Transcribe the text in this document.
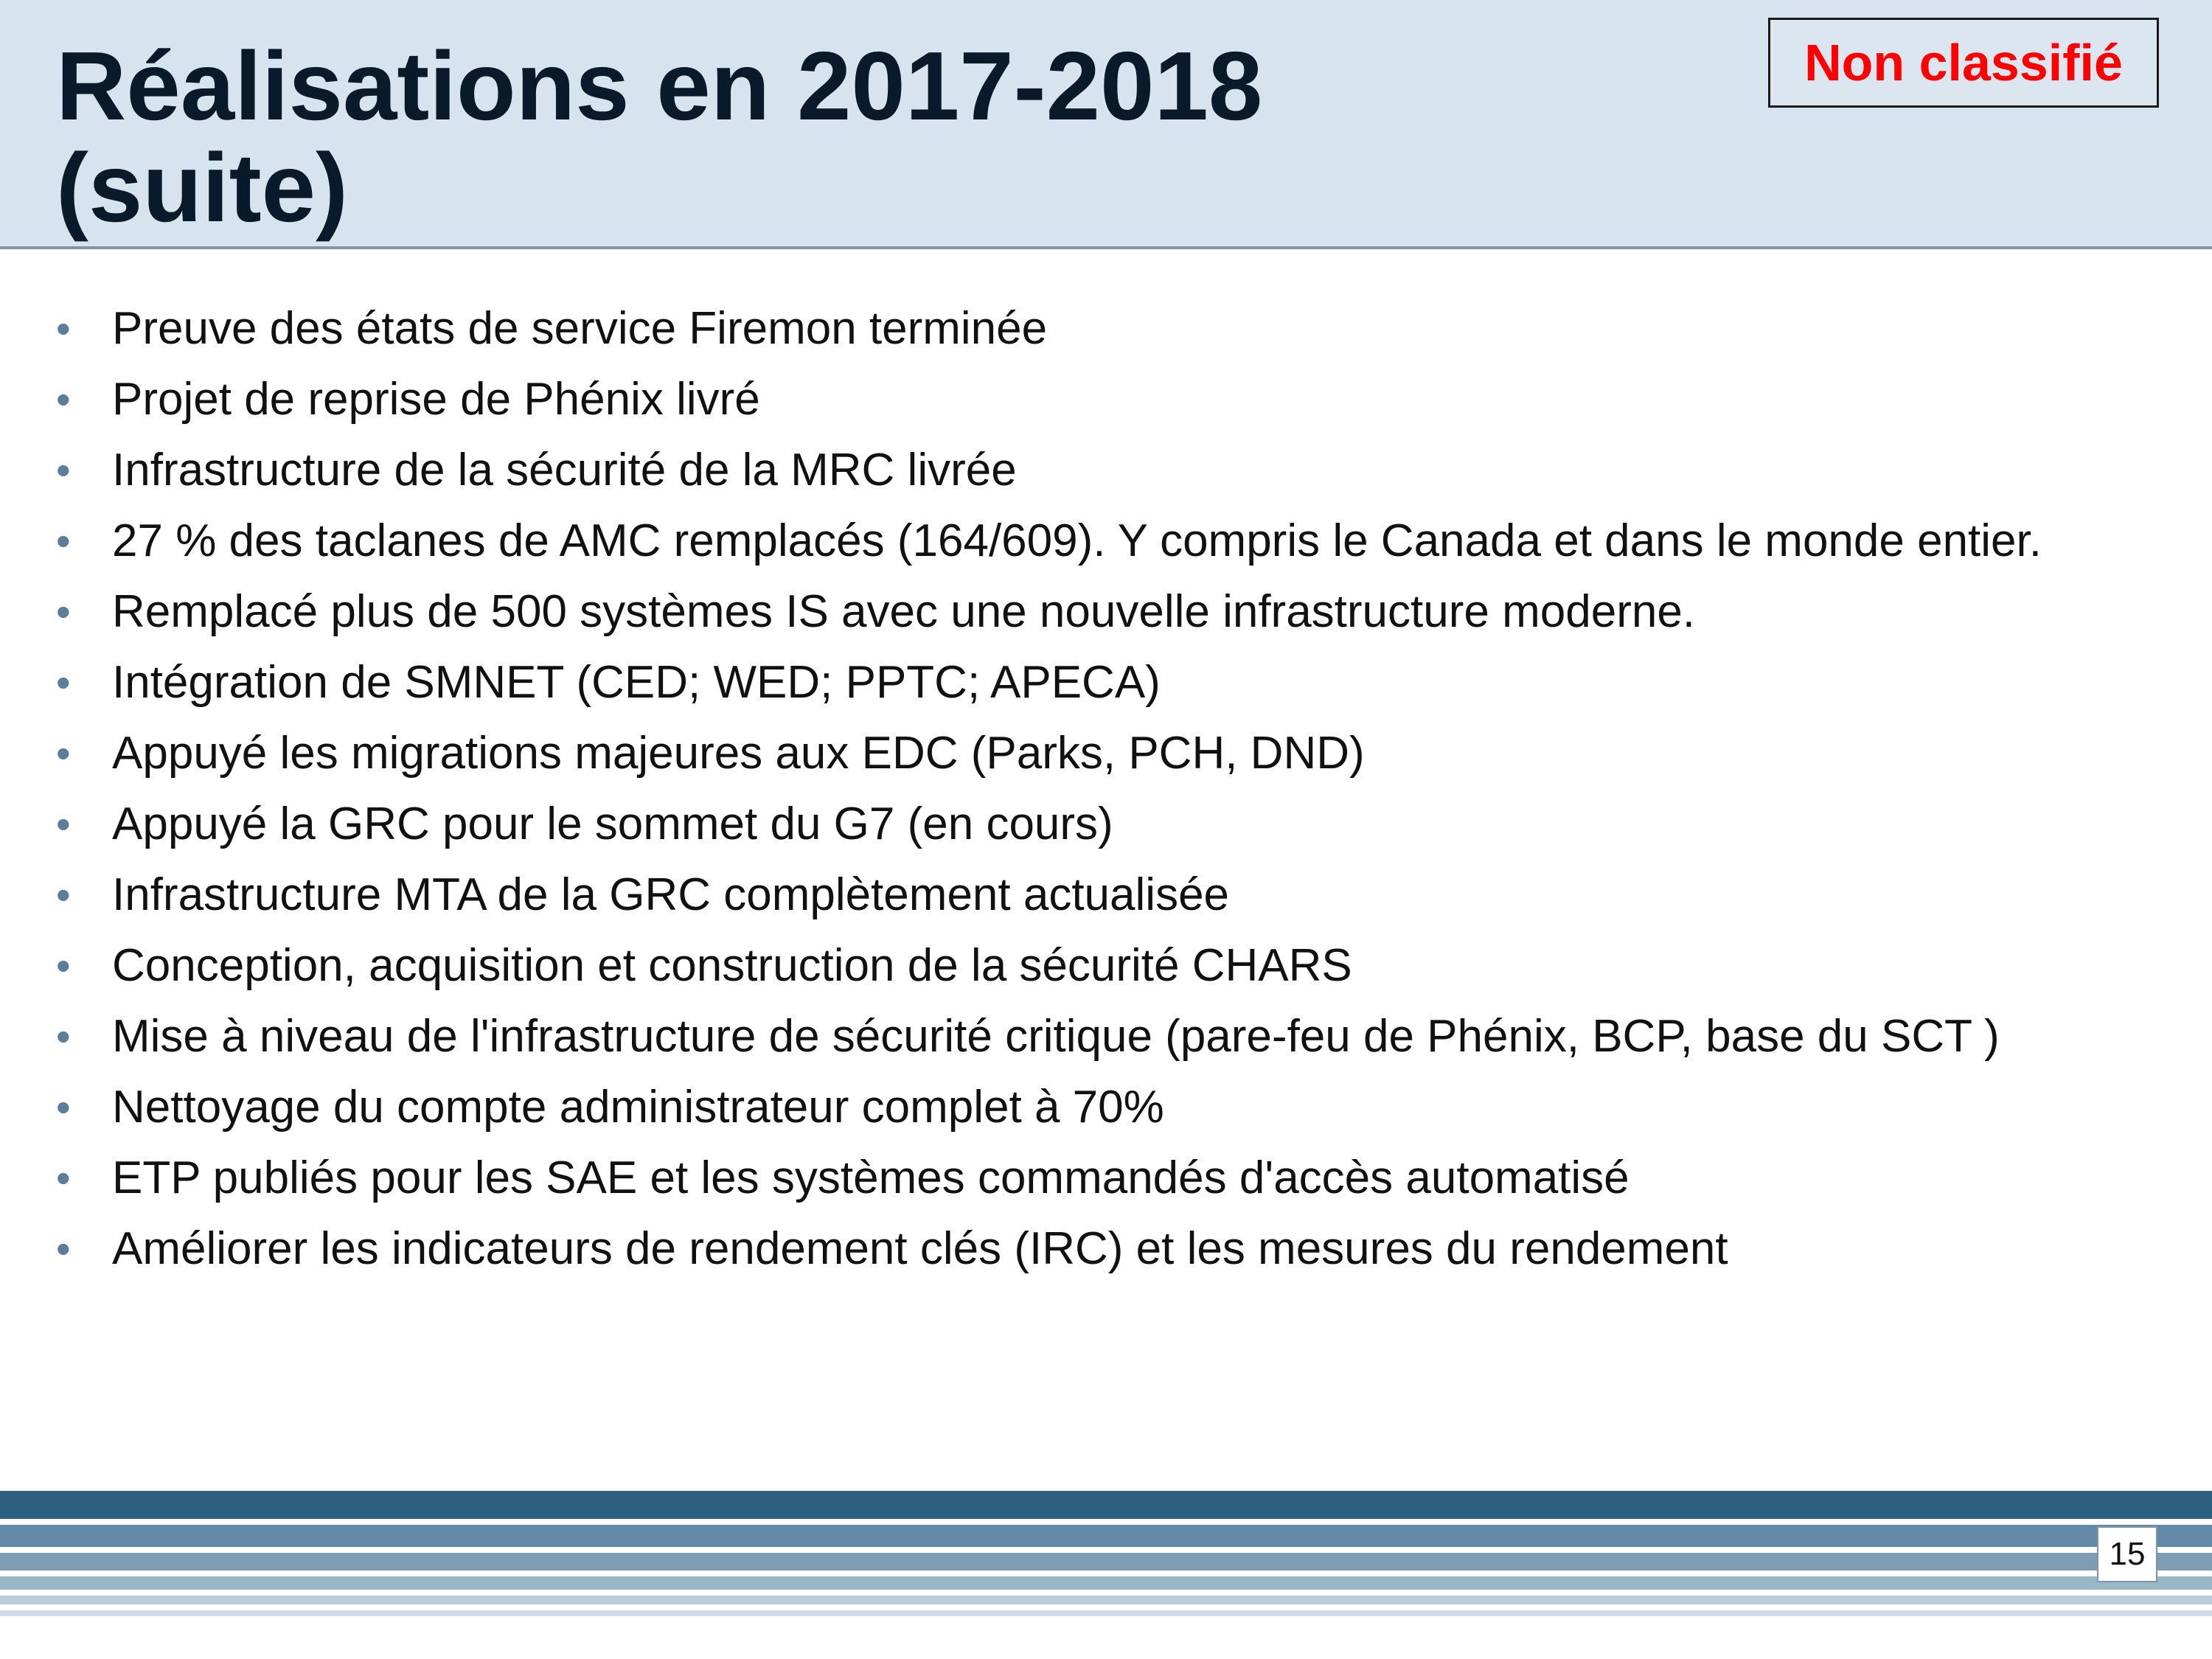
Réalisations en 2017-2018
(suite)
Non classifié
• Preuve des états de service Firemon terminée
• Projet de reprise de Phénix livré
• Infrastructure de la sécurité de la MRC livrée
• 27 % des taclanes de AMC remplacés (164/609). Y compris le Canada et dans le monde entier.
• Remplacé plus de 500 systèmes IS avec une nouvelle infrastructure moderne.
• Intégration de SMNET (CED; WED; PPTC; APECA)
• Appuyé les migrations majeures aux EDC (Parks, PCH, DND)
• Appuyé la GRC pour le sommet du G7 (en cours)
• Infrastructure MTA de la GRC complètement actualisée
• Conception, acquisition et construction de la sécurité CHARS
• Mise à niveau de l'infrastructure de sécurité critique (pare-feu de Phénix, BCP, base du SCT )
• Nettoyage du compte administrateur complet à 70%
• ETP publiés pour les SAE et les systèmes commandés d'accès automatisé
• Améliorer les indicateurs de rendement clés (IRC) et les mesures du rendement
15
